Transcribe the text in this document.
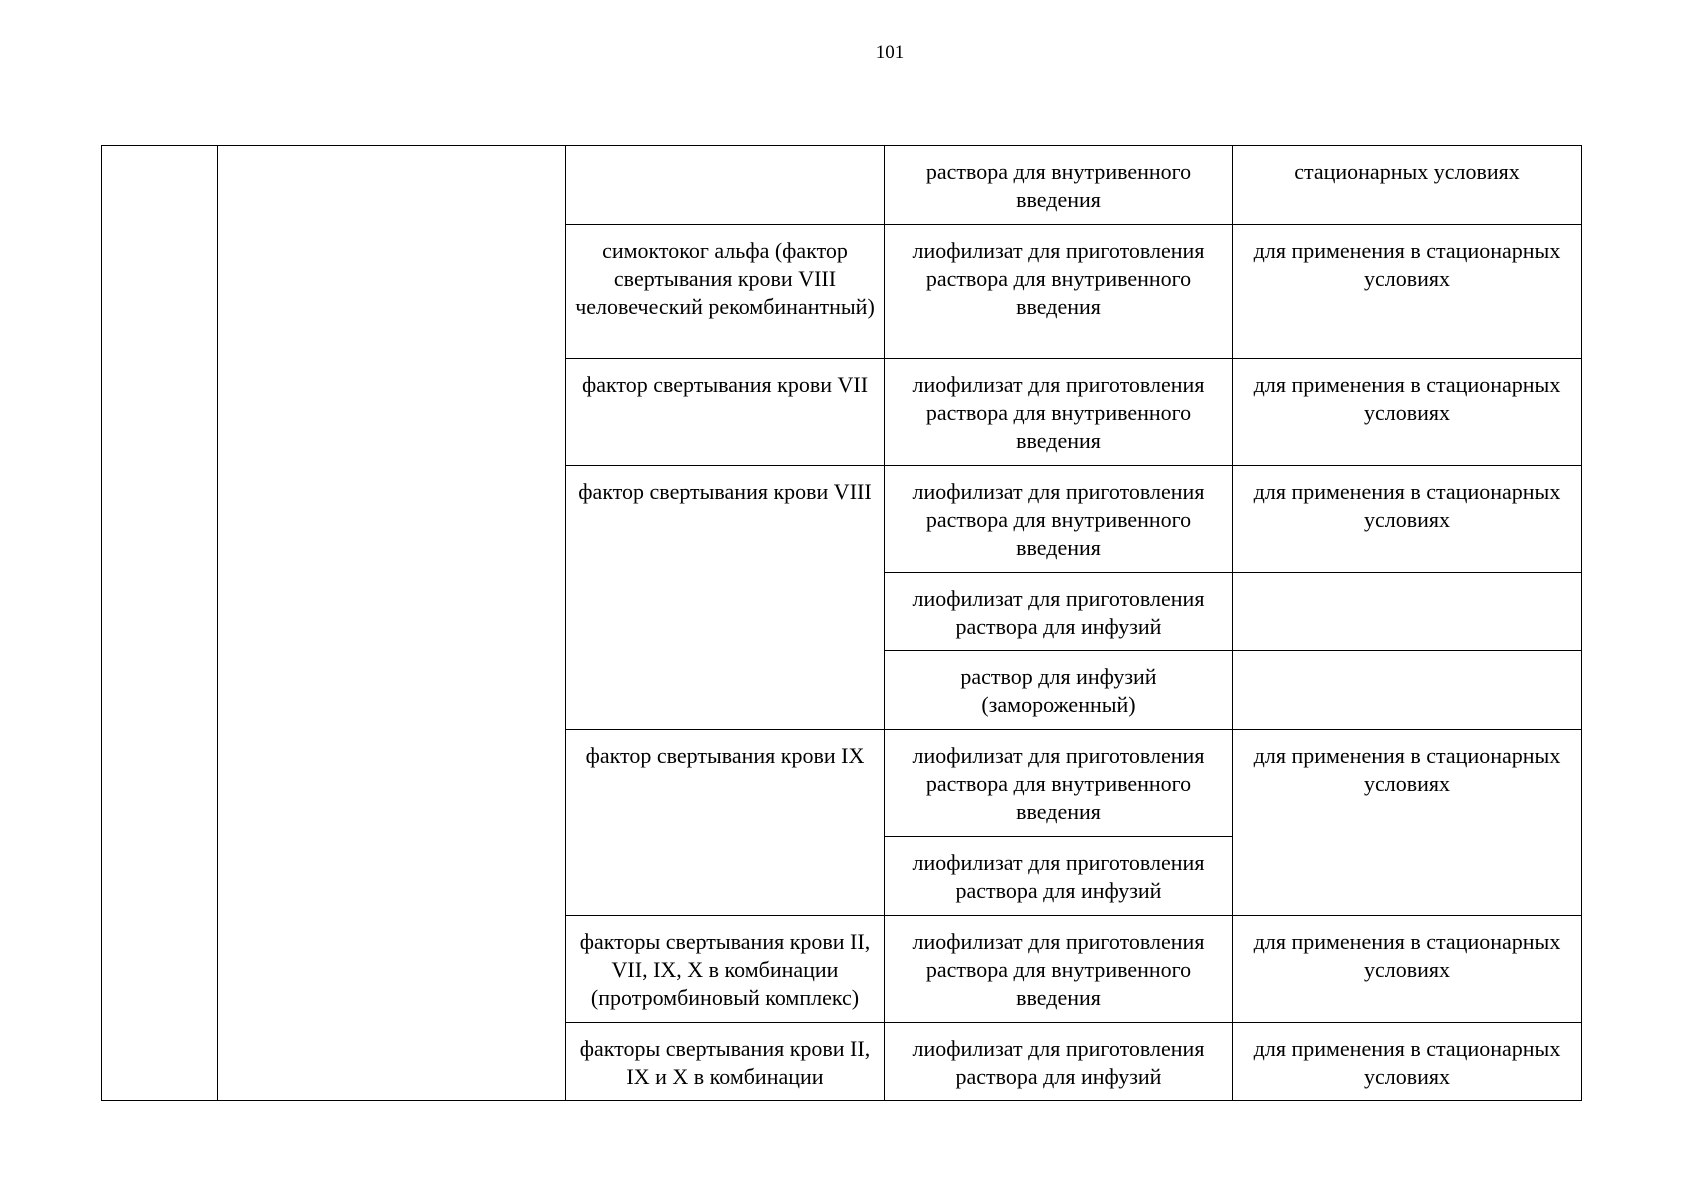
101
			раствора для внутривенного введения	стационарных условиях
		симоктоког альфа (фактор свертывания крови VIII человеческий рекомбинантный)	лиофилизат для приготовления раствора для внутривенного введения	для применения в стационарных условиях
		фактор свертывания крови VII	лиофилизат для приготовления раствора для внутривенного введения	для применения в стационарных условиях
		фактор свертывания крови VIII	лиофилизат для приготовления раствора для внутривенного введения	для применения в стационарных условиях
			лиофилизат для приготовления раствора для инфузий	
			раствор для инфузий (замороженный)	
		фактор свертывания крови IX	лиофилизат для приготовления раствора для внутривенного введения	для применения в стационарных условиях
			лиофилизат для приготовления раствора для инфузий	
		факторы свертывания крови II, VII, IX, X в комбинации (протромбиновый комплекс)	лиофилизат для приготовления раствора для внутривенного введения	для применения в стационарных условиях
		факторы свертывания крови II, IX и X в комбинации	лиофилизат для приготовления раствора для инфузий	для применения в стационарных условиях
